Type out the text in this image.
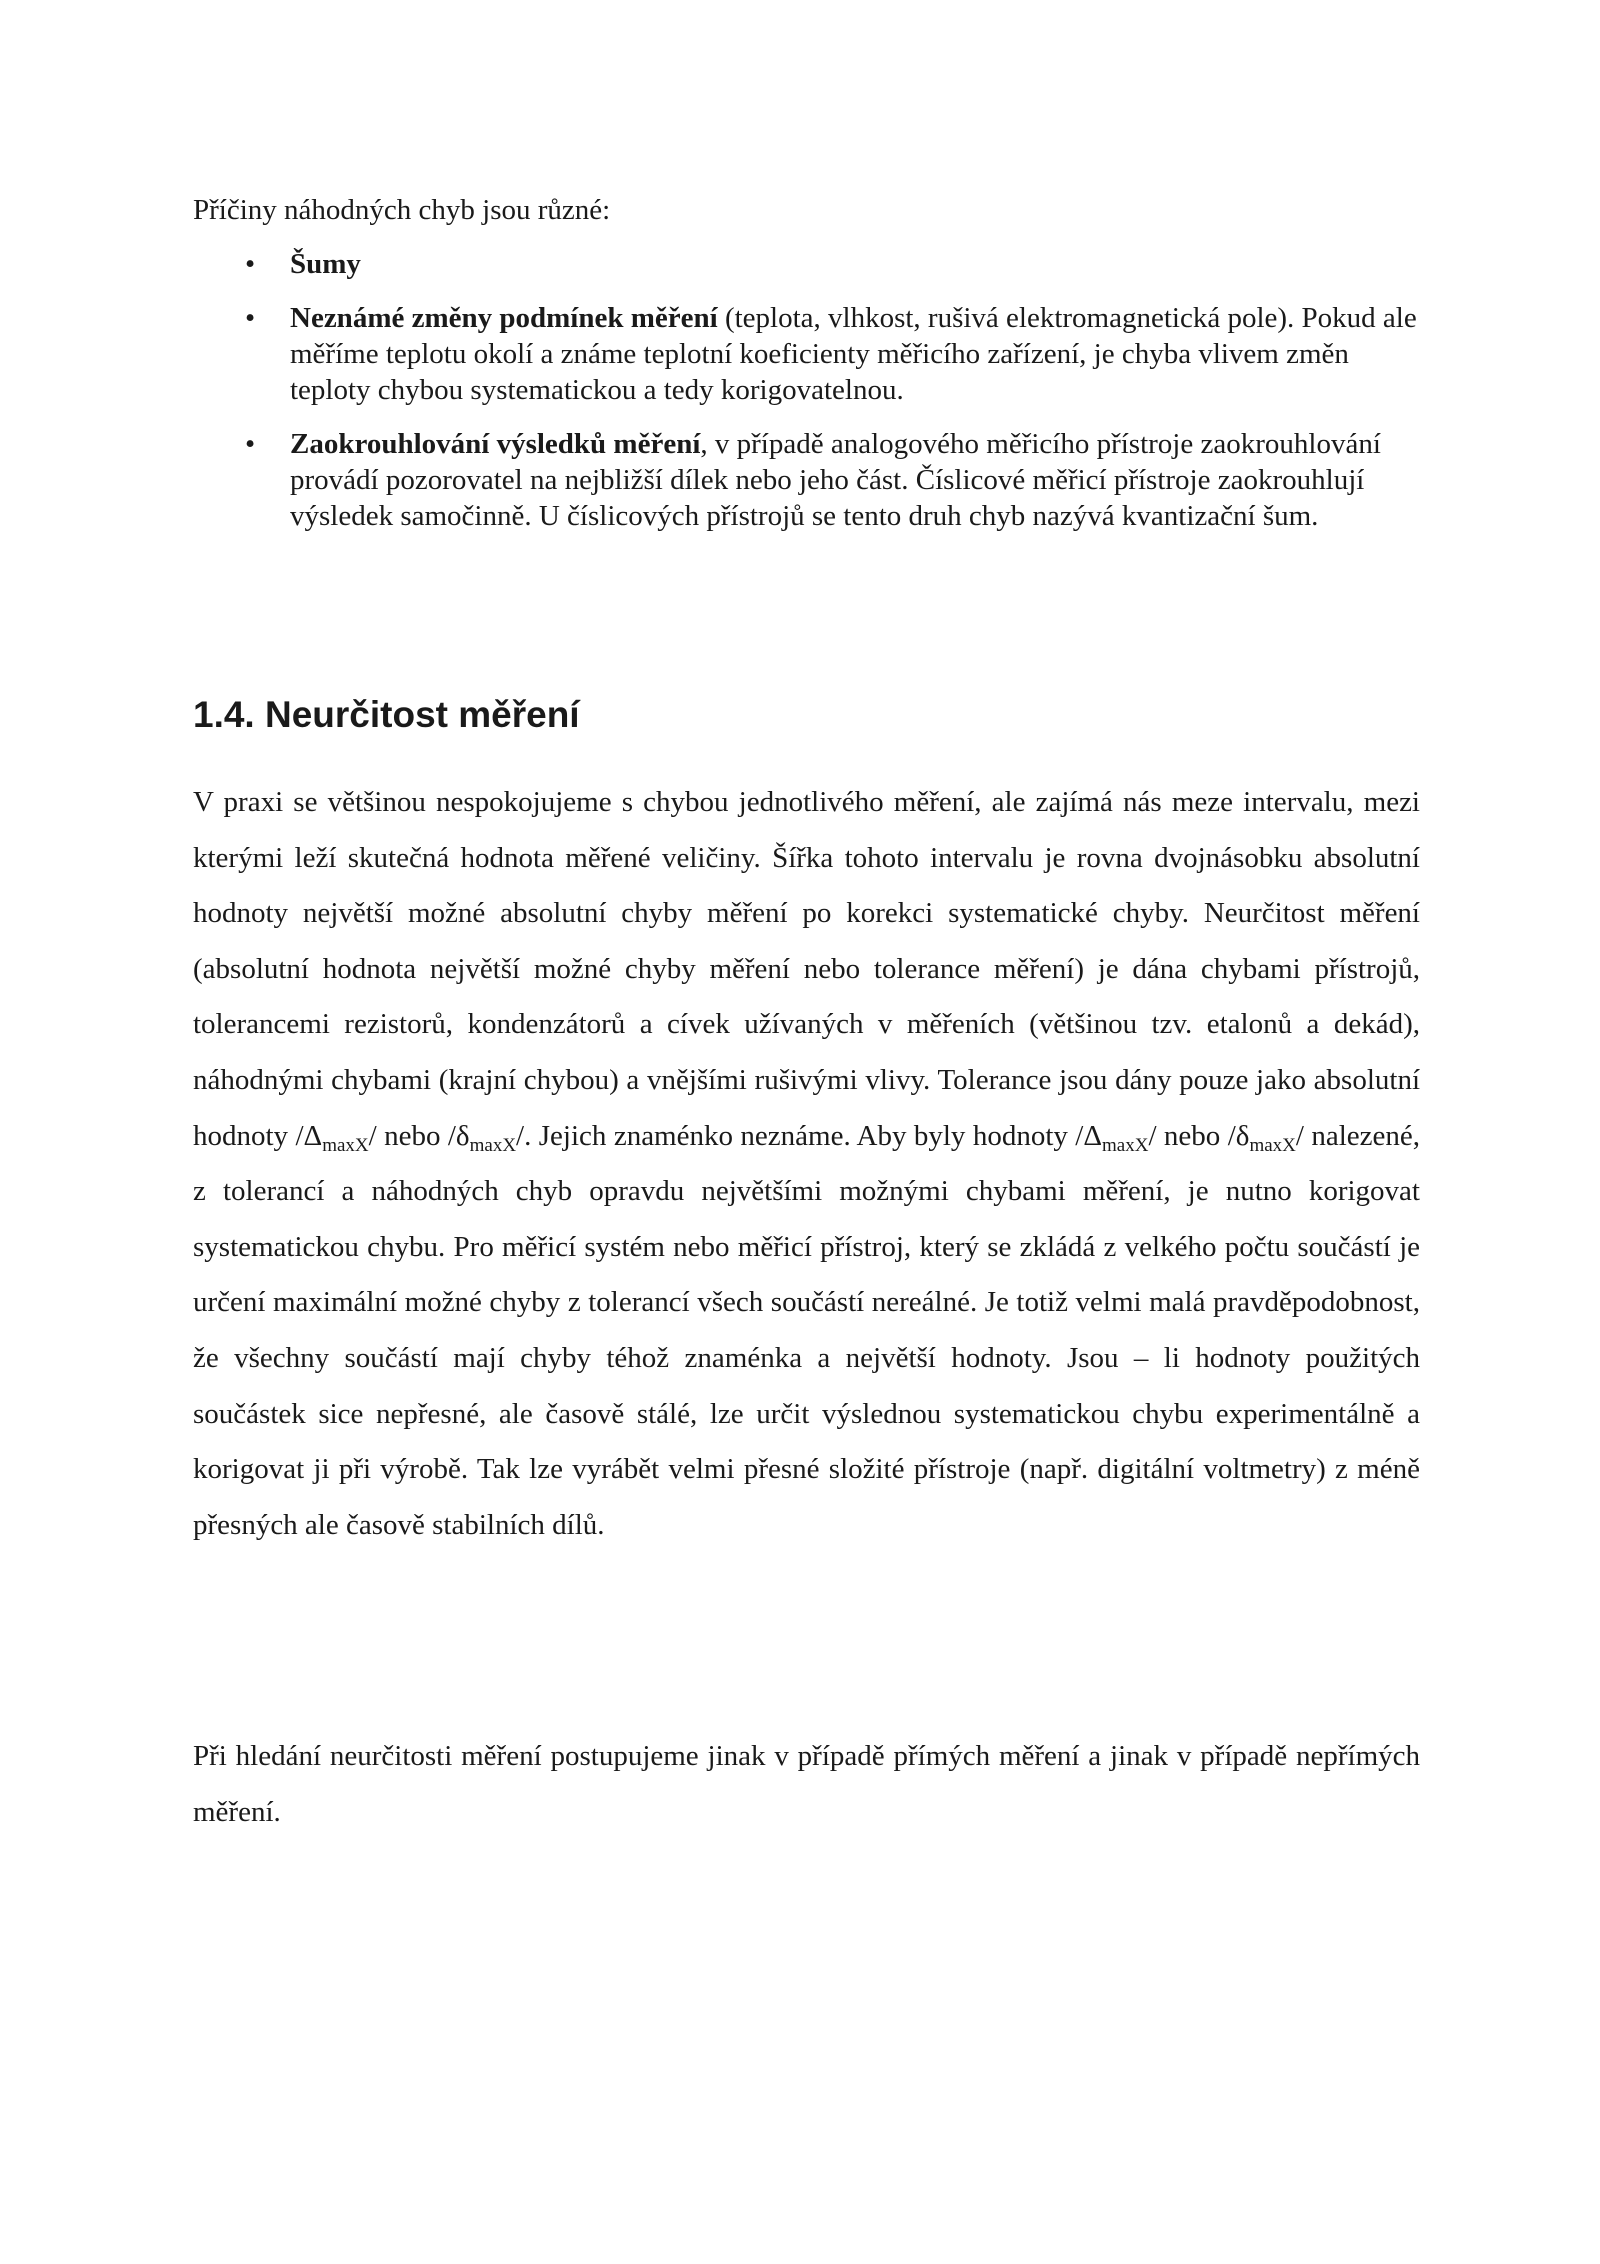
Příčiny náhodných chyb jsou různé:

• Šumy
• Neznámé změny podmínek měření (teplota, vlhkost, rušivá elektromagnetická pole). Pokud ale měříme teplotu okolí a známe teplotní koeficienty měřicího zařízení, je chyba vlivem změn teploty chybou systematickou a tedy korigovatelnou.
• Zaokrouhlování výsledků měření, v případě analogového měřicího přístroje zaokrouhlování provádí pozorovatel na nejbližší dílek nebo jeho část. Číslicové měřicí přístroje zaokrouhlují výsledek samočinně. U číslicových přístrojů se tento druh chyb nazývá kvantizační šum.
1.4. Neurčitost měření

V praxi se většinou nespokojujeme s chybou jednotlivého měření, ale zajímá nás meze intervalu, mezi kterými leží skutečná hodnota měřené veličiny. Šířka tohoto intervalu je rovna dvojnásobku absolutní hodnoty největší možné absolutní chyby měření po korekci systematické chyby. Neurčitost měření (absolutní hodnota největší možné chyby měření nebo tolerance měření) je dána chybami přístrojů, tolerancemi rezistorů, kondenzátorů a cívek užívaných v měřeních (většinou tzv. etalonů a dekád), náhodnými chybami (krajní chybou) a vnějšími rušivými vlivy. Tolerance jsou dány pouze jako absolutní hodnoty $/\Delta_{maxX}/$ nebo $/\delta_{maxX}/$. Jejich znaménko neznáme. Aby byly hodnoty $/\Delta_{maxX}/$ nebo $/\delta_{maxX}/$ nalezené, z tolerancí a náhodných chyb opravdu největšími možnými chybami měření, je nutno korigovat systematickou chybu. Pro měřicí systém nebo měřicí přístroj, který se zkládá z velkého počtu součástí je určení maximální možné chyby z tolerancí všech součástí nereálné. Je totiž velmi malá pravděpodobnost, že všechny součástí mají chyby téhož znaménka a největší hodnoty. Jsou – li hodnoty použitých součástek sice nepřesné, ale časově stálé, lze určit výslednou systematickou chybu experimentálně a korigovat ji při výrobě. Tak lze vyrábět velmi přesné složité přístroje (např. digitální voltmetry) z méně přesných ale časově stabilních dílů.

Při hledání neurčitosti měření postupujeme jinak v případě přímých měření a jinak v případě nepřímých měření.
